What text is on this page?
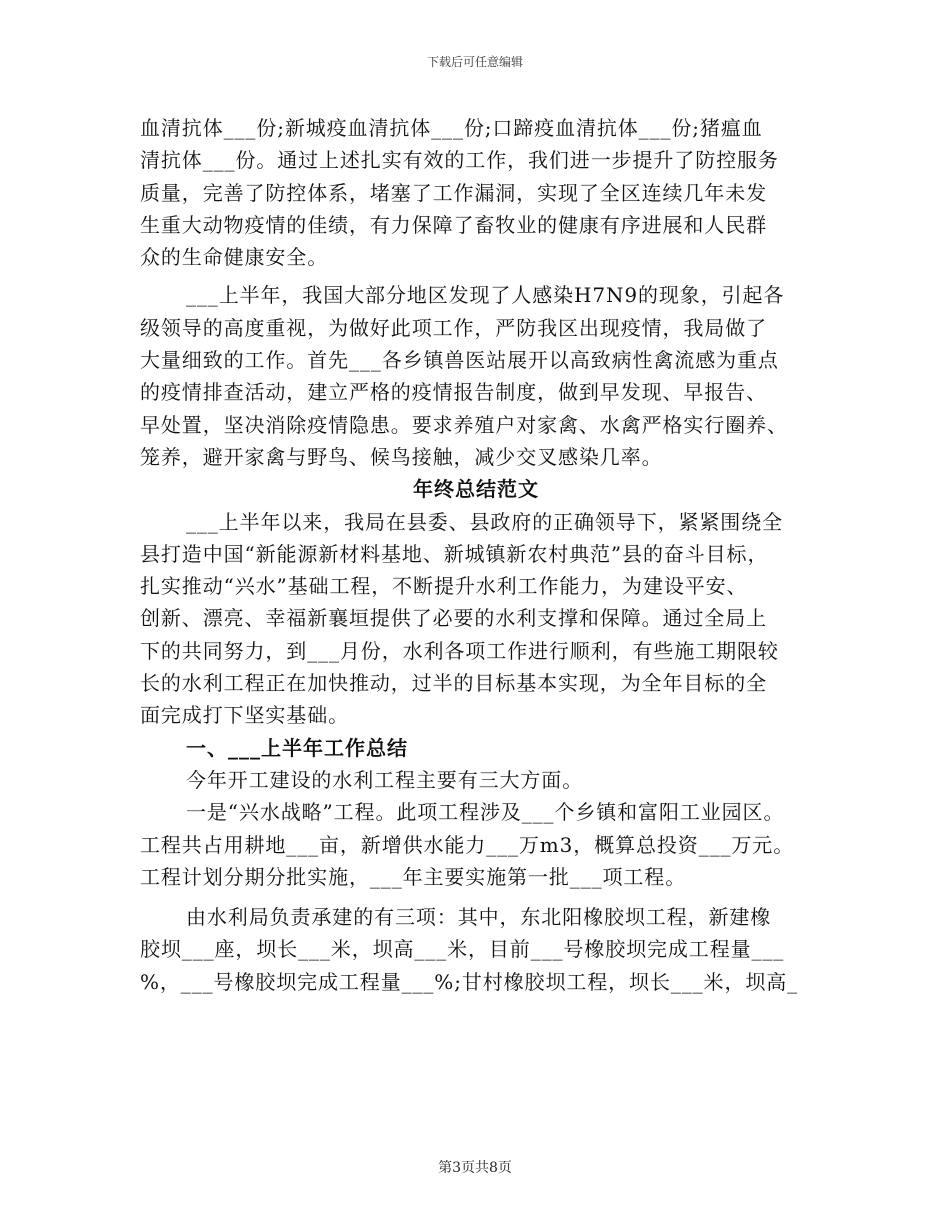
下载后可任意编辑
血清抗体___份;新城疫血清抗体___份;口蹄疫血清抗体___份;猪瘟血
清抗体___份。通过上述扎实有效的工作，我们进一步提升了防控服务
质量，完善了防控体系，堵塞了工作漏洞，实现了全区连续几年未发
生重大动物疫情的佳绩，有力保障了畜牧业的健康有序进展和人民群
众的生命健康安全。
___上半年，我国大部分地区发现了人感染H7N9的现象，引起各
级领导的高度重视，为做好此项工作，严防我区出现疫情，我局做了
大量细致的工作。首先___各乡镇兽医站展开以高致病性禽流感为重点
的疫情排查活动，建立严格的疫情报告制度，做到早发现、早报告、
早处置，坚决消除疫情隐患。要求养殖户对家禽、水禽严格实行圈养、
笼养，避开家禽与野鸟、候鸟接触，减少交叉感染几率。
年终总结范文
___上半年以来，我局在县委、县政府的正确领导下，紧紧围绕全
县打造中国“新能源新材料基地、新城镇新农村典范”县的奋斗目标，
扎实推动“兴水”基础工程，不断提升水利工作能力，为建设平安、
创新、漂亮、幸福新襄垣提供了必要的水利支撑和保障。通过全局上
下的共同努力，到___月份，水利各项工作进行顺利，有些施工期限较
长的水利工程正在加快推动，过半的目标基本实现，为全年目标的全
面完成打下坚实基础。
一、___上半年工作总结
今年开工建设的水利工程主要有三大方面。
一是“兴水战略”工程。此项工程涉及___个乡镇和富阳工业园区。
工程共占用耕地___亩，新增供水能力___万m3，概算总投资___万元。
工程计划分期分批实施，___年主要实施第一批___项工程。
由水利局负责承建的有三项：其中，东北阳橡胶坝工程，新建橡
胶坝___座，坝长___米，坝高___米，目前___号橡胶坝完成工程量___
%，___号橡胶坝完成工程量___%;甘村橡胶坝工程，坝长___米，坝高_
第3页共8页
